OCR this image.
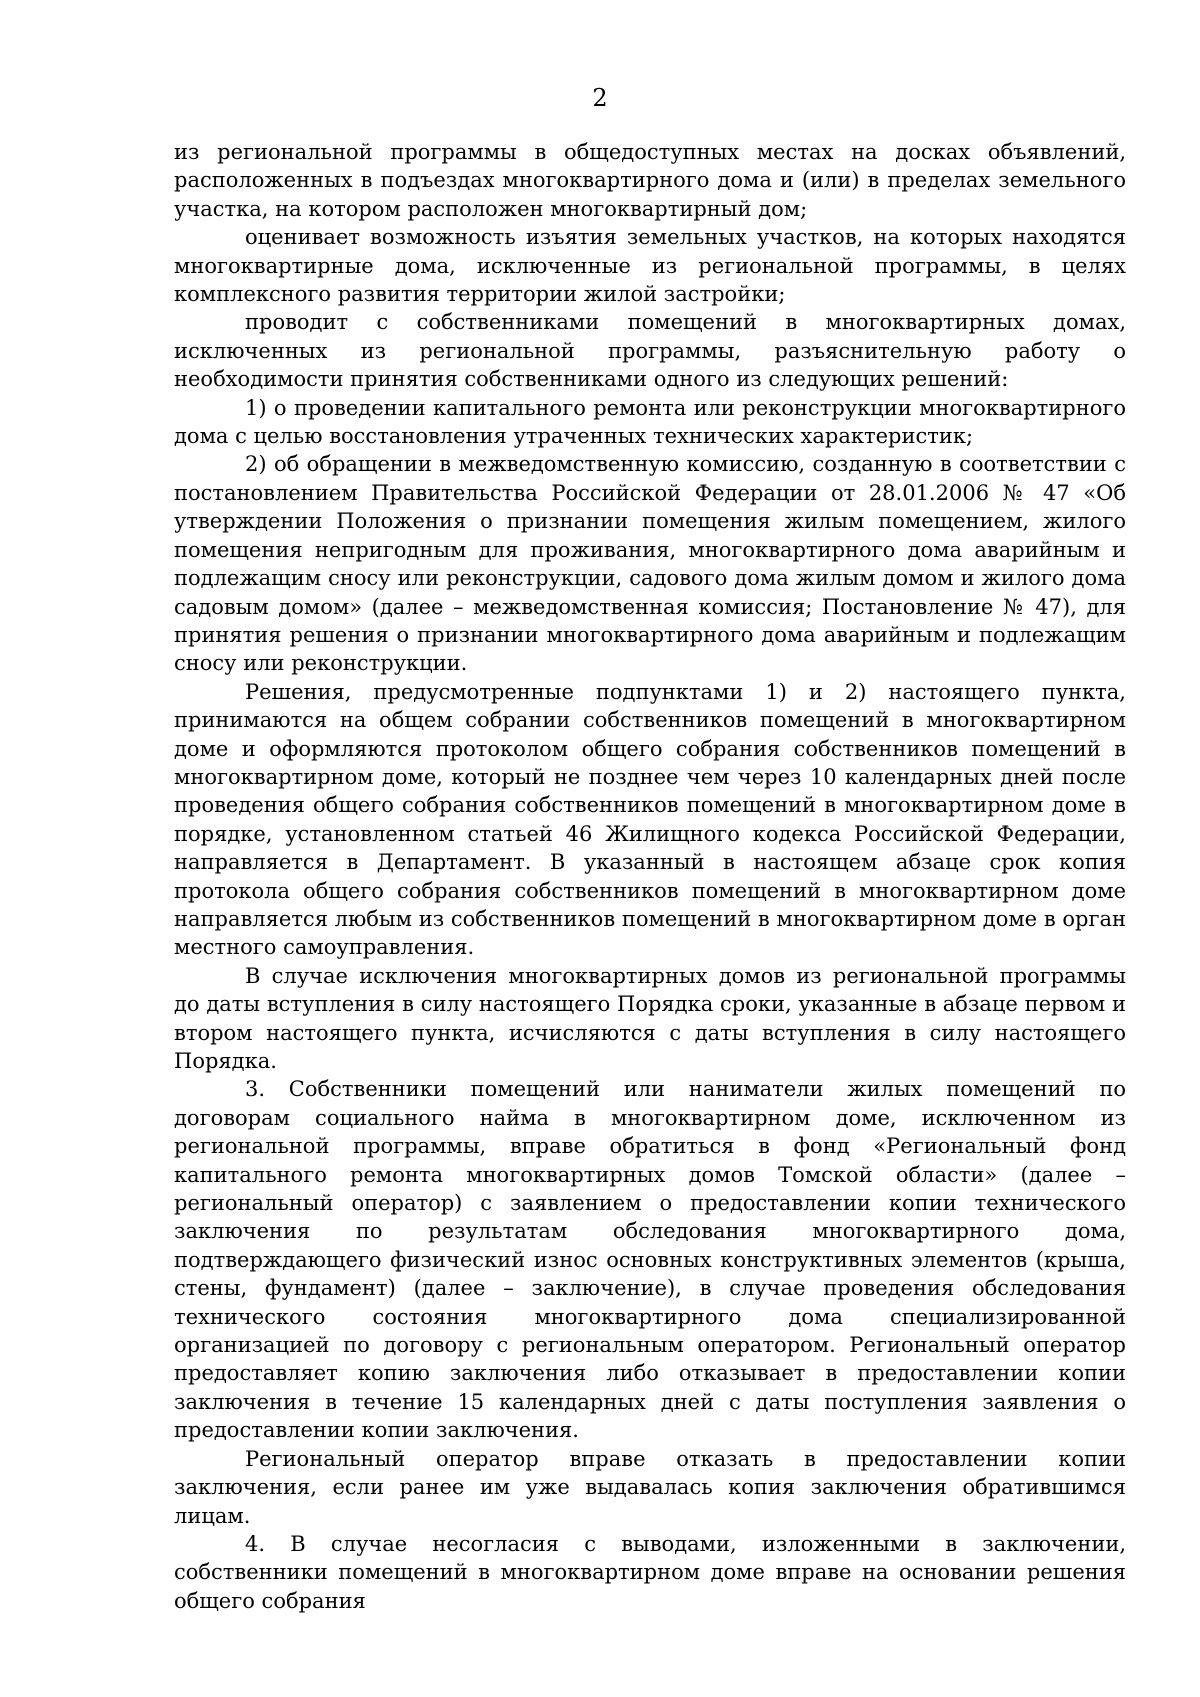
2

из региональной программы в общедоступных местах на досках объявлений, расположенных в подъездах многоквартирного дома и (или) в пределах земельного участка, на котором расположен многоквартирный дом;

оценивает возможность изъятия земельных участков, на которых находятся многоквартирные дома, исключенные из региональной программы, в целях комплексного развития территории жилой застройки;

проводит с собственниками помещений в многоквартирных домах, исключенных из региональной программы, разъяснительную работу о необходимости принятия собственниками одного из следующих решений:

1) о проведении капитального ремонта или реконструкции многоквартирного дома с целью восстановления утраченных технических характеристик;

2) об обращении в межведомственную комиссию, созданную в соответствии с постановлением Правительства Российской Федерации от 28.01.2006 № 47 «Об утверждении Положения о признании помещения жилым помещением, жилого помещения непригодным для проживания, многоквартирного дома аварийным и подлежащим сносу или реконструкции, садового дома жилым домом и жилого дома садовым домом» (далее – межведомственная комиссия; Постановление № 47), для принятия решения о признании многоквартирного дома аварийным и подлежащим сносу или реконструкции.

Решения, предусмотренные подпунктами 1) и 2) настоящего пункта, принимаются на общем собрании собственников помещений в многоквартирном доме и оформляются протоколом общего собрания собственников помещений в многоквартирном доме, который не позднее чем через 10 календарных дней после проведения общего собрания собственников помещений в многоквартирном доме в порядке, установленном статьей 46 Жилищного кодекса Российской Федерации, направляется в Департамент. В указанный в настоящем абзаце срок копия протокола общего собрания собственников помещений в многоквартирном доме направляется любым из собственников помещений в многоквартирном доме в орган местного самоуправления.

В случае исключения многоквартирных домов из региональной программы до даты вступления в силу настоящего Порядка сроки, указанные в абзаце первом и втором настоящего пункта, исчисляются с даты вступления в силу настоящего Порядка.

3. Собственники помещений или наниматели жилых помещений по договорам социального найма в многоквартирном доме, исключенном из региональной программы, вправе обратиться в фонд «Региональный фонд капитального ремонта многоквартирных домов Томской области» (далее – региональный оператор) с заявлением о предоставлении копии технического заключения по результатам обследования многоквартирного дома, подтверждающего физический износ основных конструктивных элементов (крыша, стены, фундамент) (далее – заключение), в случае проведения обследования технического состояния многоквартирного дома специализированной организацией по договору с региональным оператором. Региональный оператор предоставляет копию заключения либо отказывает в предоставлении копии заключения в течение 15 календарных дней с даты поступления заявления о предоставлении копии заключения.

Региональный оператор вправе отказать в предоставлении копии заключения, если ранее им уже выдавалась копия заключения обратившимся лицам.

4. В случае несогласия с выводами, изложенными в заключении, собственники помещений в многоквартирном доме вправе на основании решения общего собрания
